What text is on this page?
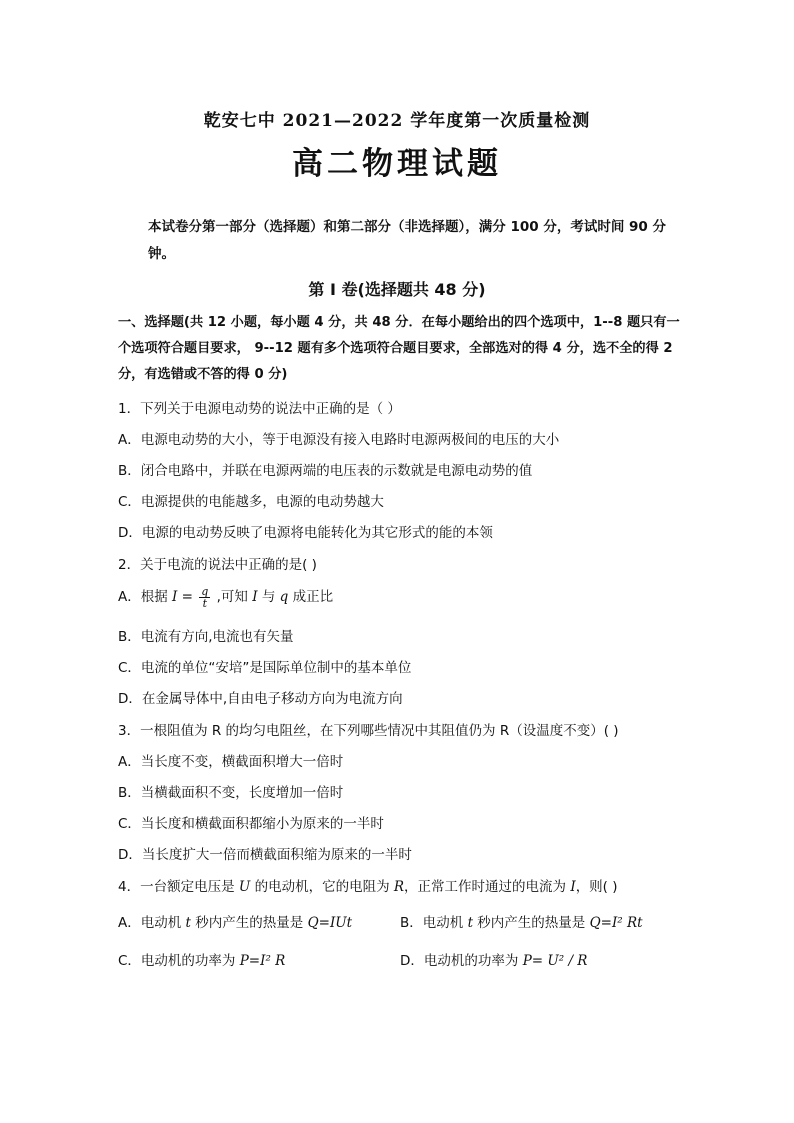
乾安七中 2021—2022 学年度第一次质量检测
高二物理试题
本试卷分第一部分（选择题）和第二部分（非选择题），满分 100 分，考试时间 90 分钟。
第 I 卷(选择题共 48 分)
一、选择题(共 12 小题，每小题 4 分，共 48 分．在每小题给出的四个选项中，1--8 题只有一个选项符合题目要求， 9--12 题有多个选项符合题目要求，全部选对的得 4 分，选不全的得 2 分，有选错或不答的得 0 分)
1．下列关于电源电动势的说法中正确的是（ ）
A．电源电动势的大小，等于电源没有接入电路时电源两极间的电压的大小
B．闭合电路中，并联在电源两端的电压表的示数就是电源电动势的值
C．电源提供的电能越多，电源的电动势越大
D．电源的电动势反映了电源将电能转化为其它形式的能的本领
2．关于电流的说法中正确的是( )
A．根据 $I = \frac{q}{t}$ ,可知 I 与 q 成正比
B．电流有方向,电流也有矢量
C．电流的单位“安培”是国际单位制中的基本单位
D．在金属导体中,自由电子移动方向为电流方向
3．一根阻值为 R 的均匀电阻丝，在下列哪些情况中其阻值仍为 R（设温度不变）( )
A．当长度不变，横截面积增大一倍时
B．当横截面积不变，长度增加一倍时
C．当长度和横截面积都缩小为原来的一半时
D．当长度扩大一倍而横截面积缩为原来的一半时
4．一台额定电压是 U 的电动机，它的电阻为 R，正常工作时通过的电流为 I，则( )
A．电动机 t 秒内产生的热量是 Q=IUt	B．电动机 t 秒内产生的热量是 Q=I² Rt
C．电动机的功率为 P=I² R	D．电动机的功率为 P= U² / R
